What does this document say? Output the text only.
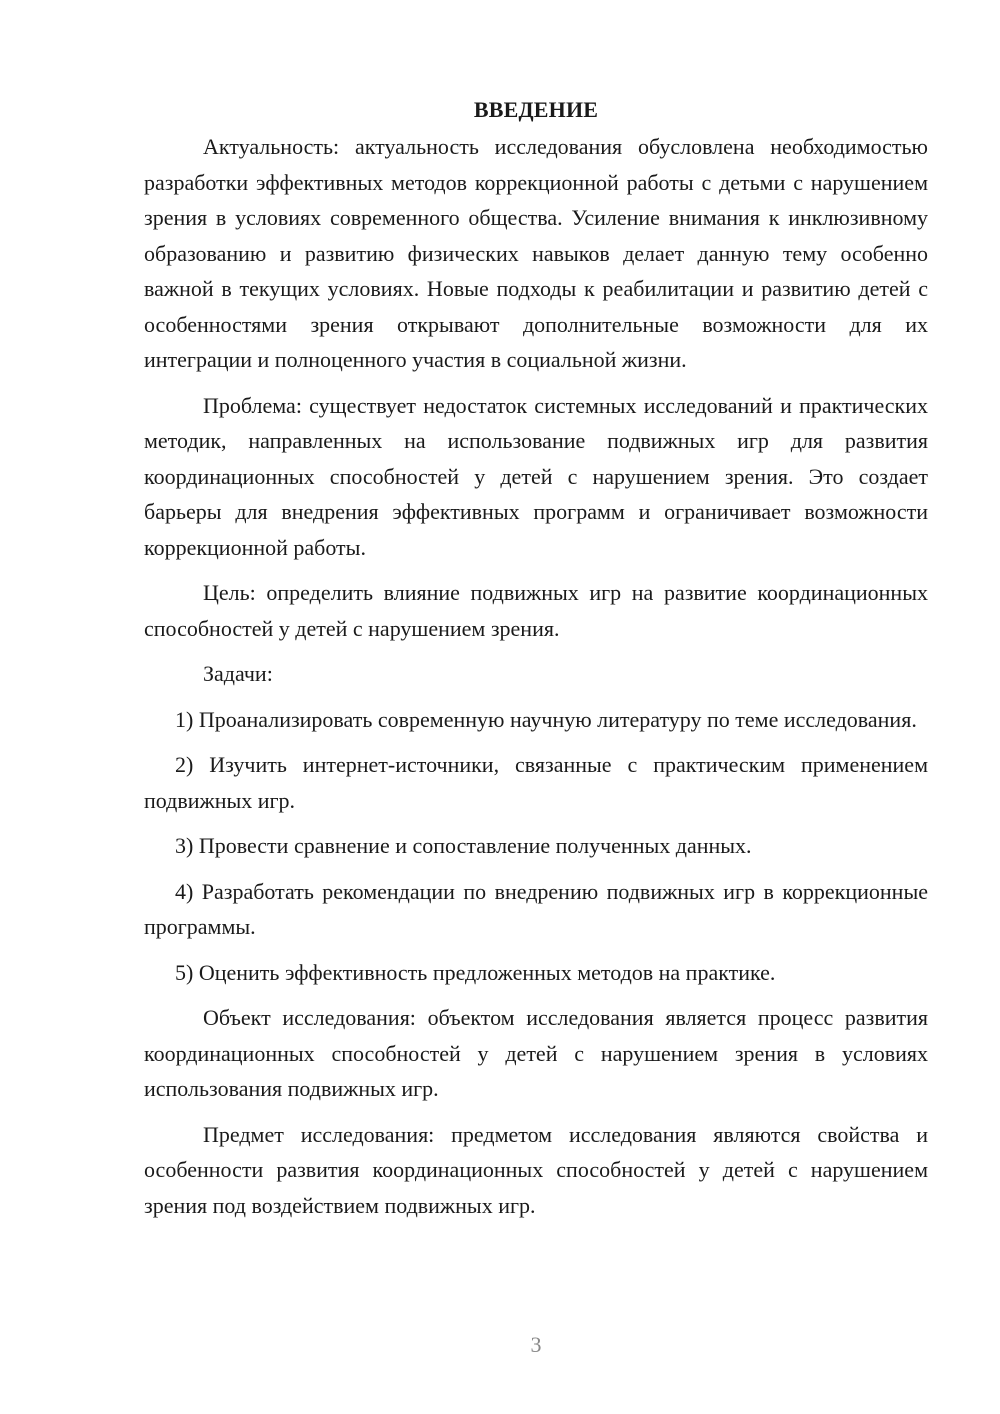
ВВЕДЕНИЕ

Актуальность: актуальность исследования обусловлена необходимостью разработки эффективных методов коррекционной работы с детьми с нарушением зрения в условиях современного общества. Усиление внимания к инклюзивному образованию и развитию физических навыков делает данную тему особенно важной в текущих условиях. Новые подходы к реабилитации и развитию детей с особенностями зрения открывают дополнительные возможности для их интеграции и полноценного участия в социальной жизни.

Проблема: существует недостаток системных исследований и практических методик, направленных на использование подвижных игр для развития координационных способностей у детей с нарушением зрения. Это создает барьеры для внедрения эффективных программ и ограничивает возможности коррекционной работы.

Цель: определить влияние подвижных игр на развитие координационных способностей у детей с нарушением зрения.

Задачи:

1) Проанализировать современную научную литературу по теме исследования.

2) Изучить интернет-источники, связанные с практическим применением подвижных игр.

3) Провести сравнение и сопоставление полученных данных.

4) Разработать рекомендации по внедрению подвижных игр в коррекционные программы.

5) Оценить эффективность предложенных методов на практике.

Объект исследования: объектом исследования является процесс развития координационных способностей у детей с нарушением зрения в условиях использования подвижных игр.

Предмет исследования: предметом исследования являются свойства и особенности развития координационных способностей у детей с нарушением зрения под воздействием подвижных игр.

3
